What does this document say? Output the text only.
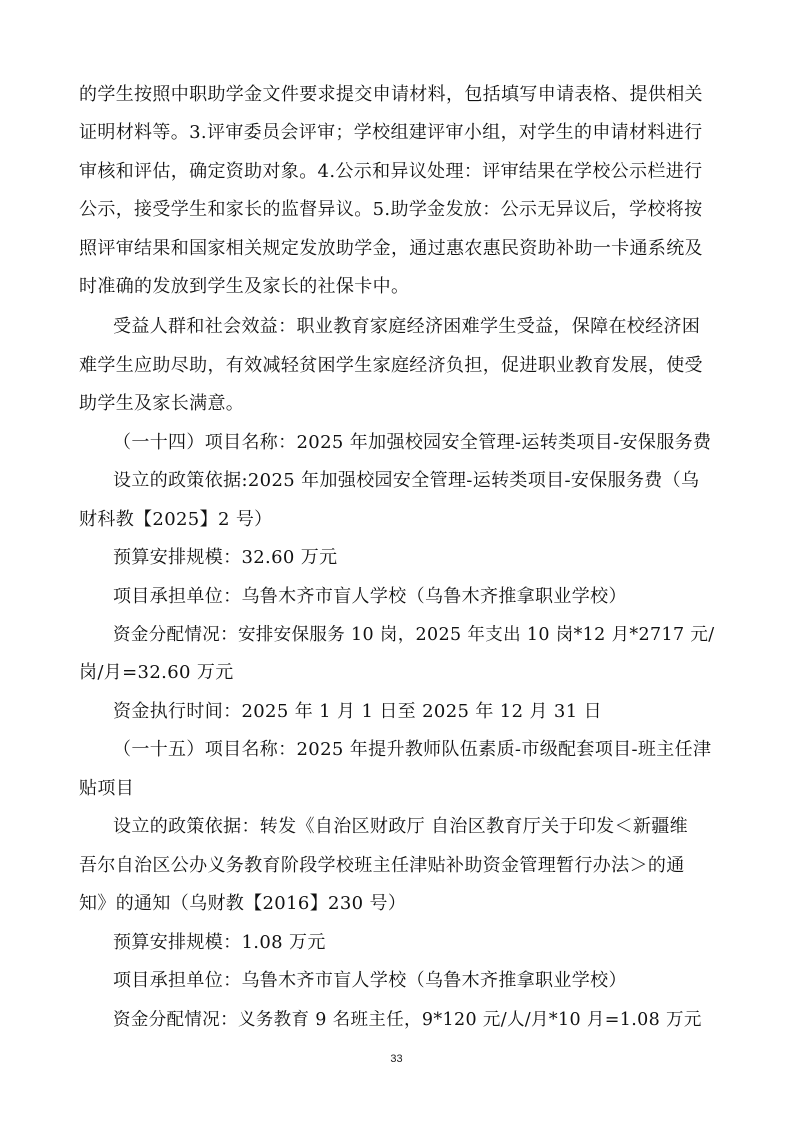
的学生按照中职助学金文件要求提交申请材料，包括填写申请表格、提供相关
证明材料等。3.评审委员会评审；学校组建评审小组，对学生的申请材料进行
审核和评估，确定资助对象。4.公示和异议处理：评审结果在学校公示栏进行
公示，接受学生和家长的监督异议。5.助学金发放：公示无异议后，学校将按
照评审结果和国家相关规定发放助学金，通过惠农惠民资助补助一卡通系统及
时准确的发放到学生及家长的社保卡中。
受益人群和社会效益：职业教育家庭经济困难学生受益，保障在校经济困
难学生应助尽助，有效减轻贫困学生家庭经济负担，促进职业教育发展，使受
助学生及家长满意。
（一十四）项目名称：2025 年加强校园安全管理-运转类项目-安保服务费
设立的政策依据:2025 年加强校园安全管理-运转类项目-安保服务费（乌
财科教【2025】2 号）
预算安排规模：32.60 万元
项目承担单位：乌鲁木齐市盲人学校（乌鲁木齐推拿职业学校）
资金分配情况：安排安保服务 10 岗，2025 年支出 10 岗*12 月*2717 元/
岗/月=32.60 万元
资金执行时间：2025 年 1 月 1 日至 2025 年 12 月 31 日
（一十五）项目名称：2025 年提升教师队伍素质-市级配套项目-班主任津
贴项目
设立的政策依据：转发《自治区财政厅 自治区教育厅关于印发＜新疆维
吾尔自治区公办义务教育阶段学校班主任津贴补助资金管理暂行办法＞的通
知》的通知（乌财教【2016】230 号）
预算安排规模：1.08 万元
项目承担单位：乌鲁木齐市盲人学校（乌鲁木齐推拿职业学校）
资金分配情况：义务教育 9 名班主任，9*120 元/人/月*10 月=1.08 万元
33
